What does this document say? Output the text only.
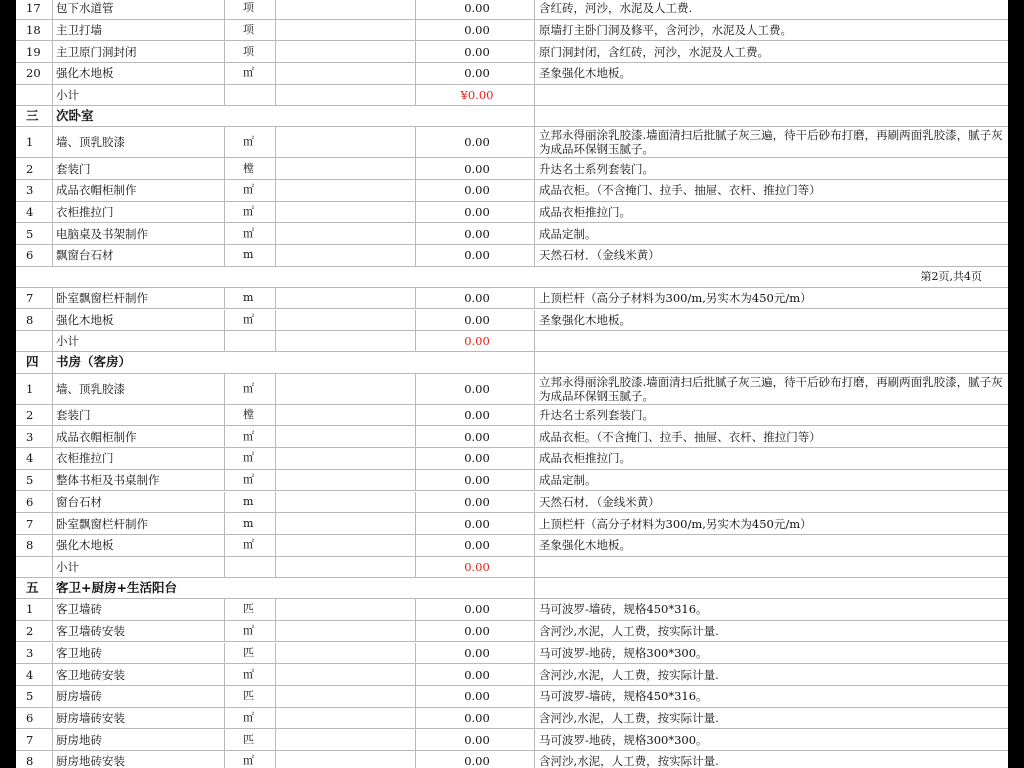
17	包下水道管	项	0.00	含红砖，河沙，水泥及人工费.
18	主卫打墙	项	0.00	原墙打主卧门洞及修平，含河沙，水泥及人工费。
19	主卫原门洞封闭	项	0.00	原门洞封闭，含红砖，河沙，水泥及人工费。
20	强化木地板	㎡	0.00	圣象强化木地板。
小计	¥0.00
三	次卧室
1	墙、顶乳胶漆	㎡	0.00	立邦永得丽涂乳胶漆.墙面清扫后批腻子灰三遍，待干后砂布打磨，再刷两面乳胶漆，腻子灰为成品环保钢玉腻子。
2	套装门	樘	0.00	升达名士系列套装门。
3	成品衣帽柜制作	㎡	0.00	成品衣柜。（不含掩门、拉手、抽屉、衣杆、推拉门等）
4	衣柜推拉门	㎡	0.00	成品衣柜推拉门。
5	电脑桌及书架制作	㎡	0.00	成品定制。
6	飘窗台石材	m	0.00	天然石材．（金线米黄）
第2页,共4页
7	卧室飘窗栏杆制作	m	0.00	上顶栏杆（高分子材料为300/m,另实木为450元/m）
8	强化木地板	㎡	0.00	圣象强化木地板。
小计	0.00
四	书房（客房）
1	墙、顶乳胶漆	㎡	0.00	立邦永得丽涂乳胶漆.墙面清扫后批腻子灰三遍，待干后砂布打磨，再刷两面乳胶漆，腻子灰为成品环保钢玉腻子。
2	套装门	樘	0.00	升达名士系列套装门。
3	成品衣帽柜制作	㎡	0.00	成品衣柜。（不含掩门、拉手、抽屉、衣杆、推拉门等）
4	衣柜推拉门	㎡	0.00	成品衣柜推拉门。
5	整体书柜及书桌制作	㎡	0.00	成品定制。
6	窗台石材	m	0.00	天然石材．（金线米黄）
7	卧室飘窗栏杆制作	m	0.00	上顶栏杆（高分子材料为300/m,另实木为450元/m）
8	强化木地板	㎡	0.00	圣象强化木地板。
小计	0.00
五	客卫+厨房+生活阳台
1	客卫墙砖	匹	0.00	马可波罗-墙砖，规格450*316。
2	客卫墙砖安装	㎡	0.00	含河沙,水泥，人工费，按实际计量.
3	客卫地砖	匹	0.00	马可波罗-地砖，规格300*300。
4	客卫地砖安装	㎡	0.00	含河沙,水泥，人工费，按实际计量.
5	厨房墙砖	匹	0.00	马可波罗-墙砖，规格450*316。
6	厨房墙砖安装	㎡	0.00	含河沙,水泥，人工费，按实际计量.
7	厨房地砖	匹	0.00	马可波罗-地砖，规格300*300。
8	厨房地砖安装	㎡	0.00	含河沙,水泥，人工费，按实际计量.
